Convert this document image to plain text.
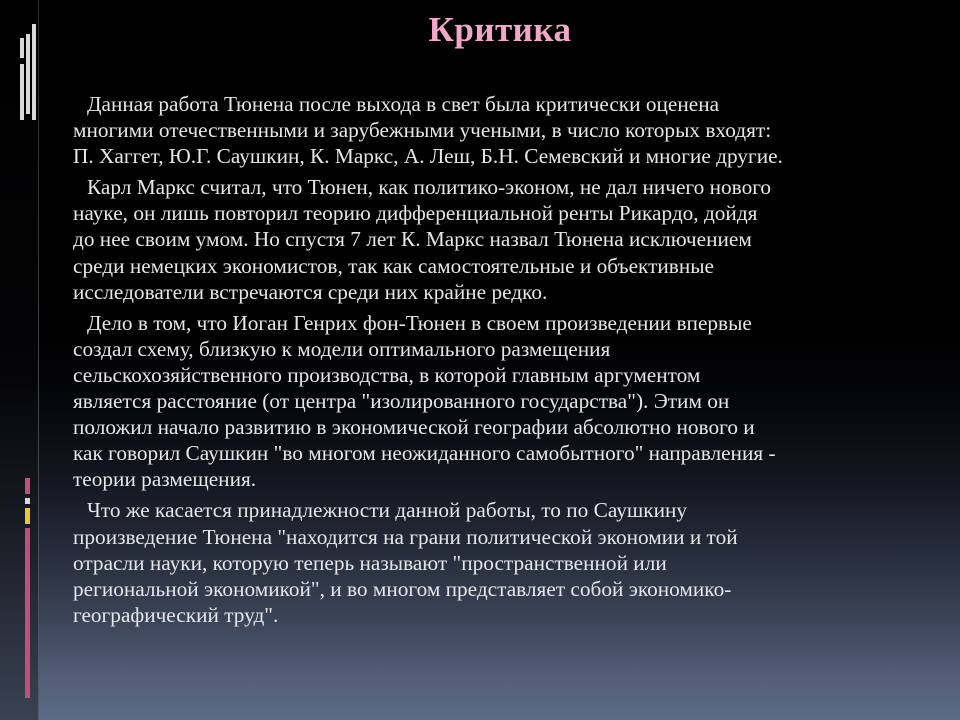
Критика
Данная работа Тюнена после выхода в свет была критически оценена
многими отечественными и зарубежными учеными, в число которых входят:
П. Хаггет, Ю.Г. Саушкин, К. Маркс, А. Леш, Б.Н. Семевский и многие другие.
Карл Маркс считал, что Тюнен, как политико-эконом, не дал ничего нового
науке, он лишь повторил теорию дифференциальной ренты Рикардо, дойдя
до нее своим умом. Но спустя 7 лет К. Маркс назвал Тюнена исключением
среди немецких экономистов, так как самостоятельные и объективные
исследователи встречаются среди них крайне редко.
Дело в том, что Иоган Генрих фон-Тюнен в своем произведении впервые
создал схему, близкую к модели оптимального размещения
сельскохозяйственного производства, в которой главным аргументом
является расстояние (от центра "изолированного государства"). Этим он
положил начало развитию в экономической географии абсолютно нового и
как говорил Саушкин "во многом неожиданного самобытного" направления -
теории размещения.
Что же касается принадлежности данной работы, то по Саушкину
произведение Тюнена "находится на грани политической экономии и той
отрасли науки, которую теперь называют "пространственной или
региональной экономикой", и во многом представляет собой экономико-
географический труд".
